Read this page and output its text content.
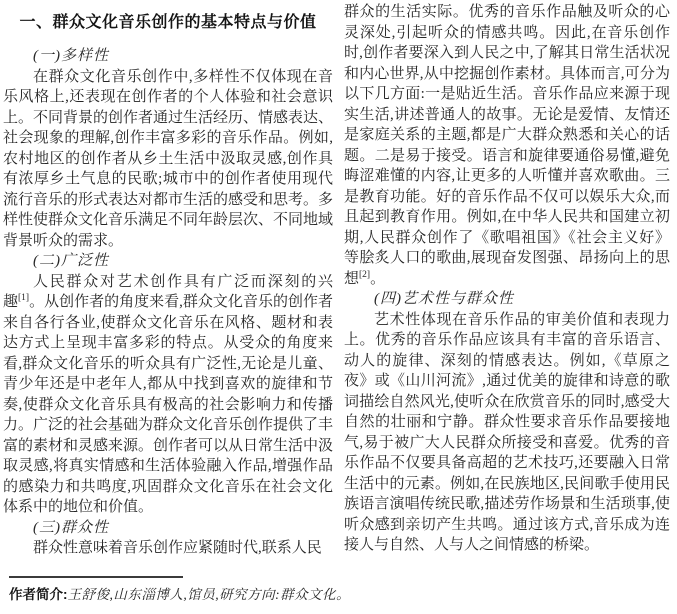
一、群众文化音乐创作的基本特点与价值
(一)多样性

在群众文化音乐创作中,多样性不仅体现在音乐风格上,还表现在创作者的个人体验和社会意识上。不同背景的创作者通过生活经历、情感表达、社会现象的理解,创作丰富多彩的音乐作品。例如,农村地区的创作者从乡土生活中汲取灵感,创作具有浓厚乡土气息的民歌;城市中的创作者使用现代流行音乐的形式表达对都市生活的感受和思考。多样性使群众文化音乐满足不同年龄层次、不同地域背景听众的需求。

(二)广泛性

人民群众对艺术创作具有广泛而深刻的兴趣[1]。从创作者的角度来看,群众文化音乐的创作者来自各行各业,使群众文化音乐在风格、题材和表达方式上呈现丰富多彩的特点。从受众的角度来看,群众文化音乐的听众具有广泛性,无论是儿童、青少年还是中老年人,都从中找到喜欢的旋律和节奏,使群众文化音乐具有极高的社会影响力和传播力。广泛的社会基础为群众文化音乐创作提供了丰富的素材和灵感来源。创作者可以从日常生活中汲取灵感,将真实情感和生活体验融入作品,增强作品的感染力和共鸣度,巩固群众文化音乐在社会文化体系中的地位和价值。

(三)群众性

群众性意味着音乐创作应紧随时代,联系人民

群众的生活实际。优秀的音乐作品触及听众的心灵深处,引起听众的情感共鸣。因此,在音乐创作时,创作者要深入到人民之中,了解其日常生活状况和内心世界,从中挖掘创作素材。具体而言,可分为以下几方面:一是贴近生活。音乐作品应来源于现实生活,讲述普通人的故事。无论是爱情、友情还是家庭关系的主题,都是广大群众熟悉和关心的话题。二是易于接受。语言和旋律要通俗易懂,避免晦涩难懂的内容,让更多的人听懂并喜欢歌曲。三是教育功能。好的音乐作品不仅可以娱乐大众,而且起到教育作用。例如,在中华人民共和国建立初期,人民群众创作了《歌唱祖国》《社会主义好》等脍炙人口的歌曲,展现奋发图强、昂扬向上的思想[2]。

(四)艺术性与群众性

艺术性体现在音乐作品的审美价值和表现力上。优秀的音乐作品应该具有丰富的音乐语言、动人的旋律、深刻的情感表达。例如,《草原之夜》或《山川河流》,通过优美的旋律和诗意的歌词描绘自然风光,使听众在欣赏音乐的同时,感受大自然的壮丽和宁静。群众性要求音乐作品要接地气,易于被广大人民群众所接受和喜爱。优秀的音乐作品不仅要具备高超的艺术技巧,还要融入日常生活中的元素。例如,在民族地区,民间歌手使用民族语言演唱传统民歌,描述劳作场景和生活琐事,使听众感到亲切产生共鸣。通过该方式,音乐成为连接人与自然、人与人之间情感的桥梁。

作者简介:王舒俊,山东淄博人,馆员,研究方向:群众文化。
